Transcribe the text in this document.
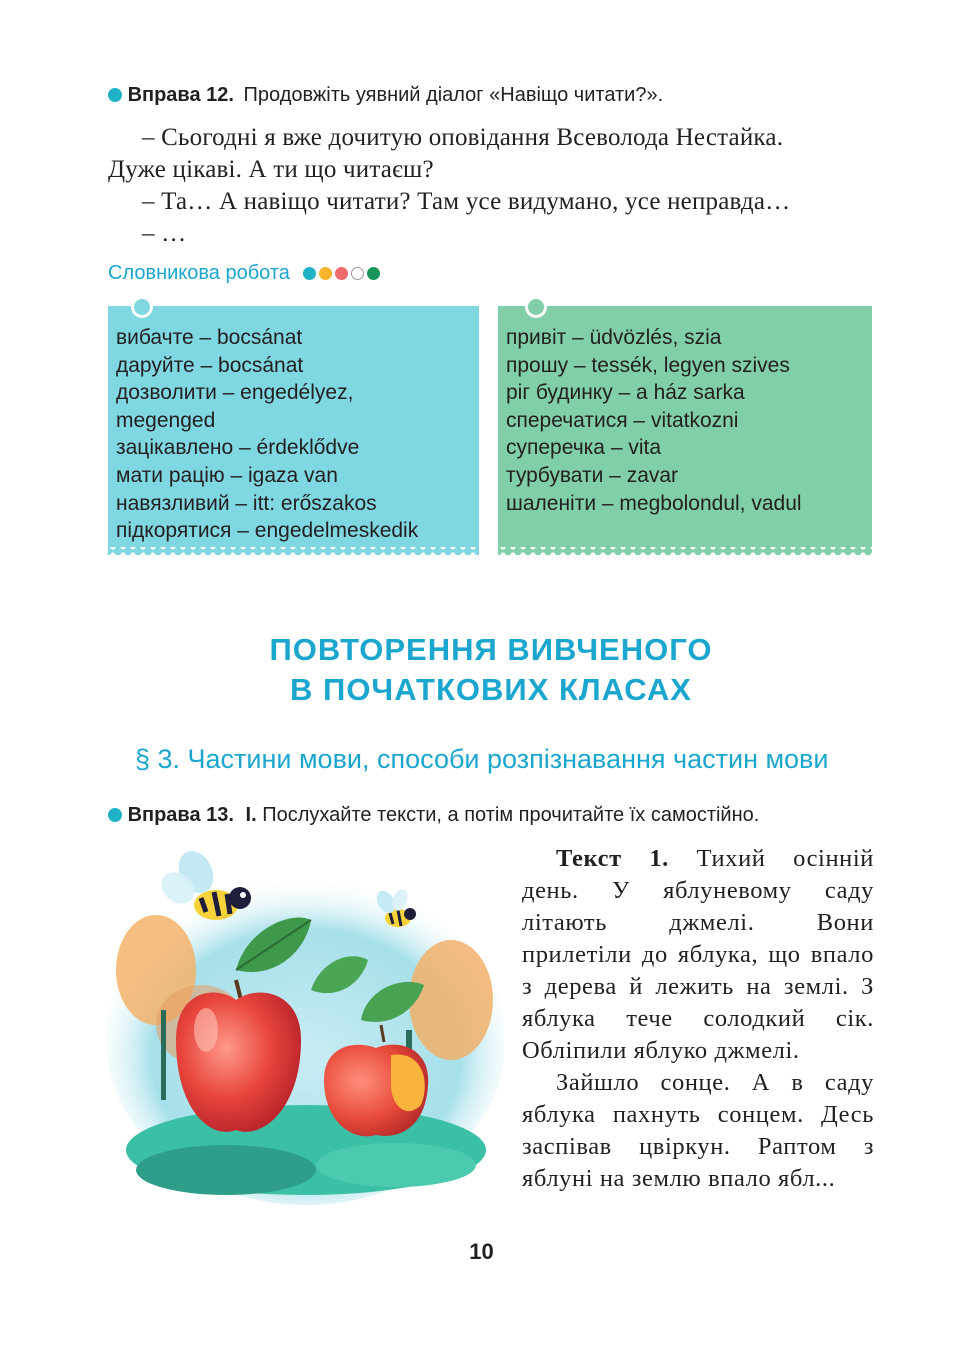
Вправа 12. Продовжіть уявний діалог «Навіщо читати?».

– Сьогодні я вже дочитую оповідання Всеволода Нестайка.

Дуже цікаві. А ти що читаєш?

– Та… А навіщо читати? Там усе видумано, усе неправда…

– …

Словникова робота
вибачте – bocsánat
даруйте – bocsánat
дозволити – engedélyez,
megenged
зацікавлено – érdeklődve
мати рацію – igaza van
навязливий – itt: erőszakos
підкорятися – engedelmeskedik
привіт – üdvözlés, szia
прошу – tessék, legyen szives
ріг будинку – a ház sarka
сперечатися – vitatkozni
суперечка – vita
турбувати – zavar
шаленіти – megbolondul, vadul
ПОВТОРЕННЯ ВИВЧЕНОГО
В ПОЧАТКОВИХ КЛАСАХ
§ 3. Частини мови, способи розпізнавання частин мови
Вправа 13. І. Послухайте тексти, а потім прочитайте їх самостійно.

Текст 1. Тихий осінній день. У яблуневому саду літають джмелі. Вони прилетіли до яблука, що впало з дерева й лежить на землі. З яблука тече солодкий сік. Обліпили яблуко джмелі.

Зайшло сонце. А в саду яблука пахнуть сонцем. Десь заспівав цвіркун. Раптом з яблуні на землю впало ябл...

10
